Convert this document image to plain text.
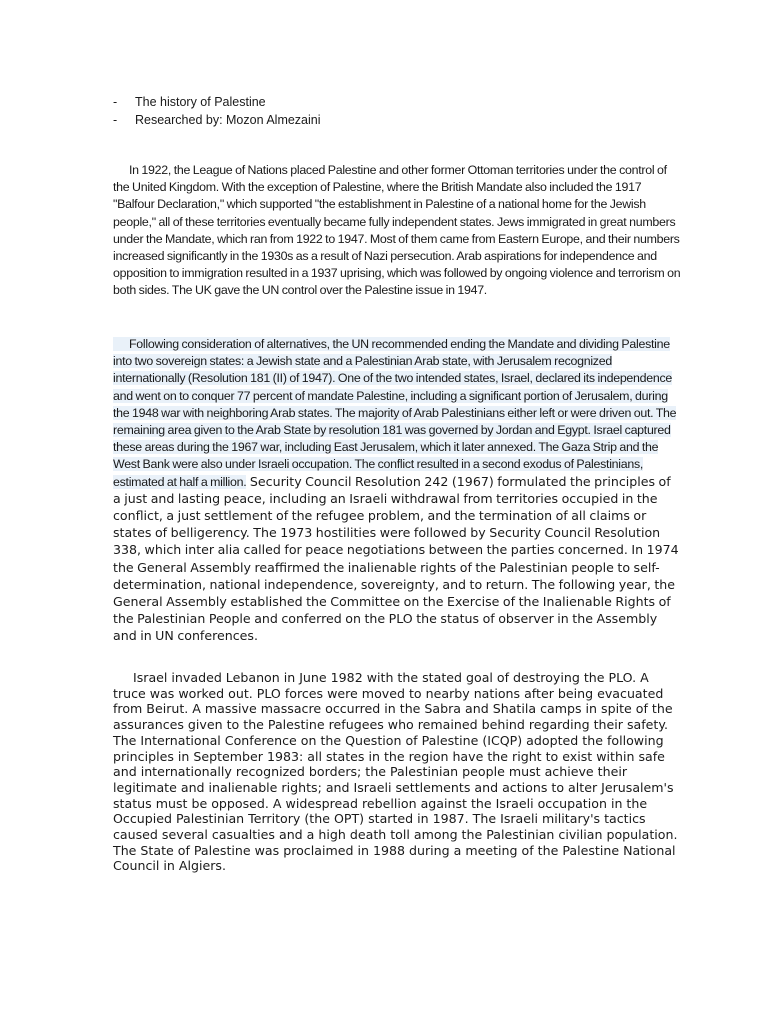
-	The history of Palestine
-	Researched by: Mozon Almezaini

In 1922, the League of Nations placed Palestine and other former Ottoman territories under the control of the United Kingdom. With the exception of Palestine, where the British Mandate also included the 1917 "Balfour Declaration," which supported "the establishment in Palestine of a national home for the Jewish people," all of these territories eventually became fully independent states. Jews immigrated in great numbers under the Mandate, which ran from 1922 to 1947. Most of them came from Eastern Europe, and their numbers increased significantly in the 1930s as a result of Nazi persecution. Arab aspirations for independence and opposition to immigration resulted in a 1937 uprising, which was followed by ongoing violence and terrorism on both sides. The UK gave the UN control over the Palestine issue in 1947.

Following consideration of alternatives, the UN recommended ending the Mandate and dividing Palestine into two sovereign states: a Jewish state and a Palestinian Arab state, with Jerusalem recognized internationally (Resolution 181 (II) of 1947). One of the two intended states, Israel, declared its independence and went on to conquer 77 percent of mandate Palestine, including a significant portion of Jerusalem, during the 1948 war with neighboring Arab states. The majority of Arab Palestinians either left or were driven out. The remaining area given to the Arab State by resolution 181 was governed by Jordan and Egypt. Israel captured these areas during the 1967 war, including East Jerusalem, which it later annexed. The Gaza Strip and the West Bank were also under Israeli occupation. The conflict resulted in a second exodus of Palestinians, estimated at half a million. Security Council Resolution 242 (1967) formulated the principles of a just and lasting peace, including an Israeli withdrawal from territories occupied in the conflict, a just settlement of the refugee problem, and the termination of all claims or states of belligerency. The 1973 hostilities were followed by Security Council Resolution 338, which inter alia called for peace negotiations between the parties concerned. In 1974 the General Assembly reaffirmed the inalienable rights of the Palestinian people to self-determination, national independence, sovereignty, and to return. The following year, the General Assembly established the Committee on the Exercise of the Inalienable Rights of the Palestinian People and conferred on the PLO the status of observer in the Assembly and in UN conferences.

Israel invaded Lebanon in June 1982 with the stated goal of destroying the PLO. A truce was worked out. PLO forces were moved to nearby nations after being evacuated from Beirut. A massive massacre occurred in the Sabra and Shatila camps in spite of the assurances given to the Palestine refugees who remained behind regarding their safety. The International Conference on the Question of Palestine (ICQP) adopted the following principles in September 1983: all states in the region have the right to exist within safe and internationally recognized borders; the Palestinian people must achieve their legitimate and inalienable rights; and Israeli settlements and actions to alter Jerusalem's status must be opposed. A widespread rebellion against the Israeli occupation in the Occupied Palestinian Territory (the OPT) started in 1987. The Israeli military's tactics caused several casualties and a high death toll among the Palestinian civilian population. The State of Palestine was proclaimed in 1988 during a meeting of the Palestine National Council in Algiers.
